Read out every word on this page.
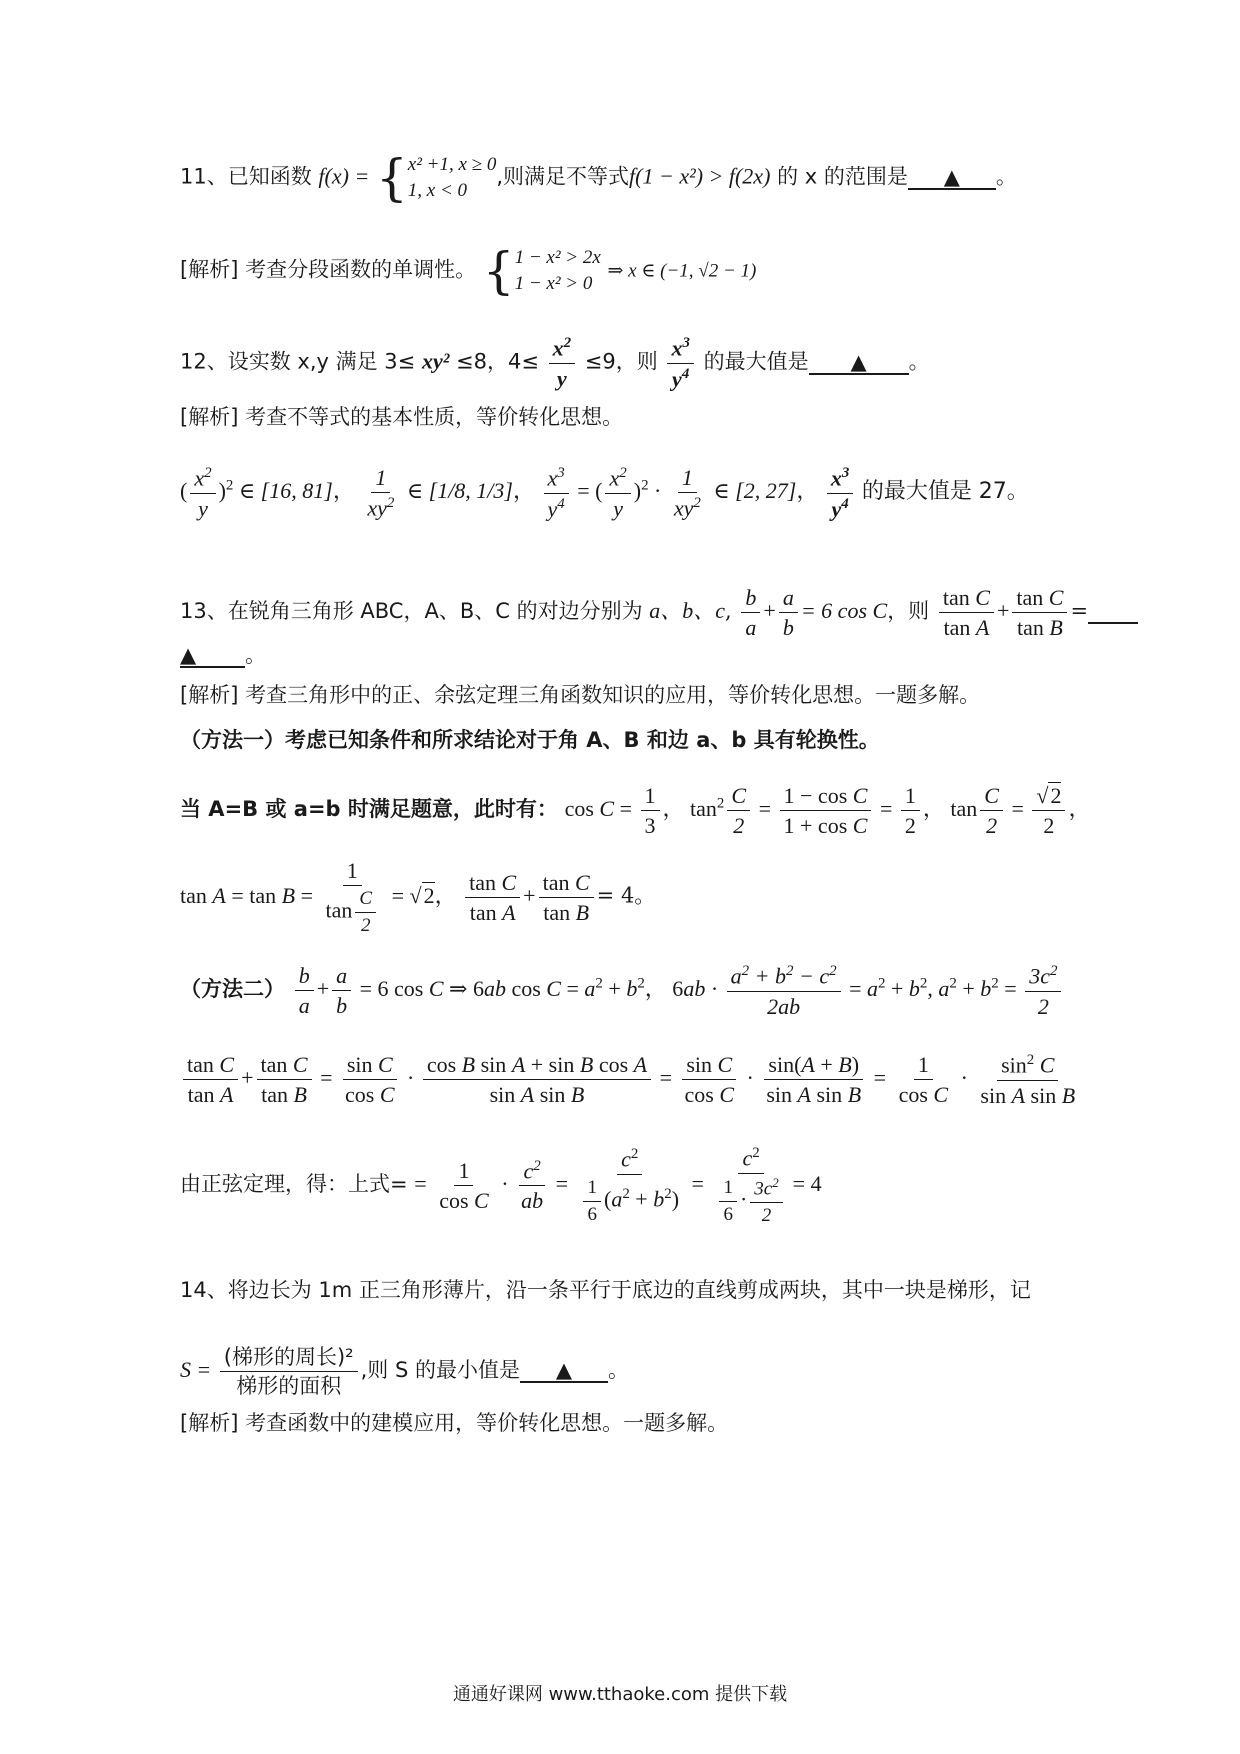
11、已知函数 f(x) = { x² +1, x ≥ 0
1, x < 0
,则满足不等式f(1 − x²) > f(2x) 的 x 的范围是 ▲ 。
[解析] 考查分段函数的单调性。 { 1 − x² > 2x
1 − x² > 0
⇒ x ∈ (−1, √2 − 1)
12、设实数 x,y 满足 3≤ xy² ≤8，$4\le \frac{x^2}{y} \le 9$，则 $\frac{x^3}{y^4}$ 的最大值是 ▲ 。
[解析] 考查不等式的基本性质，等价转化思想。
( $\frac{x^2}{y} )^2$ ∈ [16, 81]， $\frac{1}{xy^2}$ ∈ [1/8, 1/3]， $\frac{x^3}{y^4}$ = ( $\frac{x^2}{y} )^2 \cdot \frac{1}{xy^2}$ ∈ [2, 27]， $\frac{x^3}{y^4}$ 的最大值是 27。
13、在锐角三角形 ABC，A、B、C 的对边分别为 a、b、c, $\frac{b}{a} + \frac{a}{b} = 6$ cos C，则 $\frac{\text{tan C}}{\text{tan A}} + \frac{\text{tan C}}{\text{tan B}}$ =
▲ 。
[解析] 考查三角形中的正、余弦定理三角函数知识的应用，等价转化思想。一题多解。
（方法一）考虑已知条件和所求结论对于角 A、B 和边 a、b 具有轮换性。
当 A=B 或 a=b 时满足题意，此时有： $\cos C = \frac{1}{3}$ ， $\tan^2 \frac{C}{2} = \frac{\text{1 − cos C}}{\text{1 + cos C}} = \frac{1}{2}$ ， $\tan \frac{C}{2} = \frac{√2}{2}$ ，
$\tan A = \tan B = \frac{1}{\tan \frac{C}{2}} = √2$， $\frac{\text{tan C}}{\text{tan A}} + \frac{\text{tan C}}{\text{tan B}} = 4$。
（方法二） $\frac{b}{a} + \frac{a}{b} = 6$ cos C ⇒ 6ab $\cos C = a^2 + b^2$， $6ab \cdot \frac{a^2 + b^2 - c^2}{2ab} = a^2 + b^2$, $a^2 + b^2 = \frac{3c^2}{2}$
$\frac{\text{tan C}}{\text{tan A}} + \frac{\text{tan C}}{\text{tan B}} = \frac{\text{sin C}}{\text{cos C}} \cdot \frac{\text{cos B sin A + sin B cos A}}{\text{sin A sin B}} = \frac{\text{sin C}}{\text{cos C}} \cdot \frac{\sin(A + B)}{\text{sin A sin B}} = \frac{1}{\text{cos C}} \cdot \frac{\sin^2 C}{\text{sin A sin B}}$
由正弦定理，得：上式= = $\frac{1}{\text{cos C}} \cdot \frac{c^2}{ab} = \frac{c^2}{\frac{1}{6} (a^2 + b^2)} = \frac{c^2}{\frac{1}{6} \cdot \frac{3c^2}{2}} = 4$
14、将边长为 1m 正三角形薄片，沿一条平行于底边的直线剪成两块，其中一块是梯形，记
$S = \frac{\text{(梯形的周长)²}}{\text{梯形的面积}}$ ,则 S 的最小值是 ▲ 。
[解析] 考查函数中的建模应用，等价转化思想。一题多解。
通通好课网 www.tthaoke.com 提供下载
